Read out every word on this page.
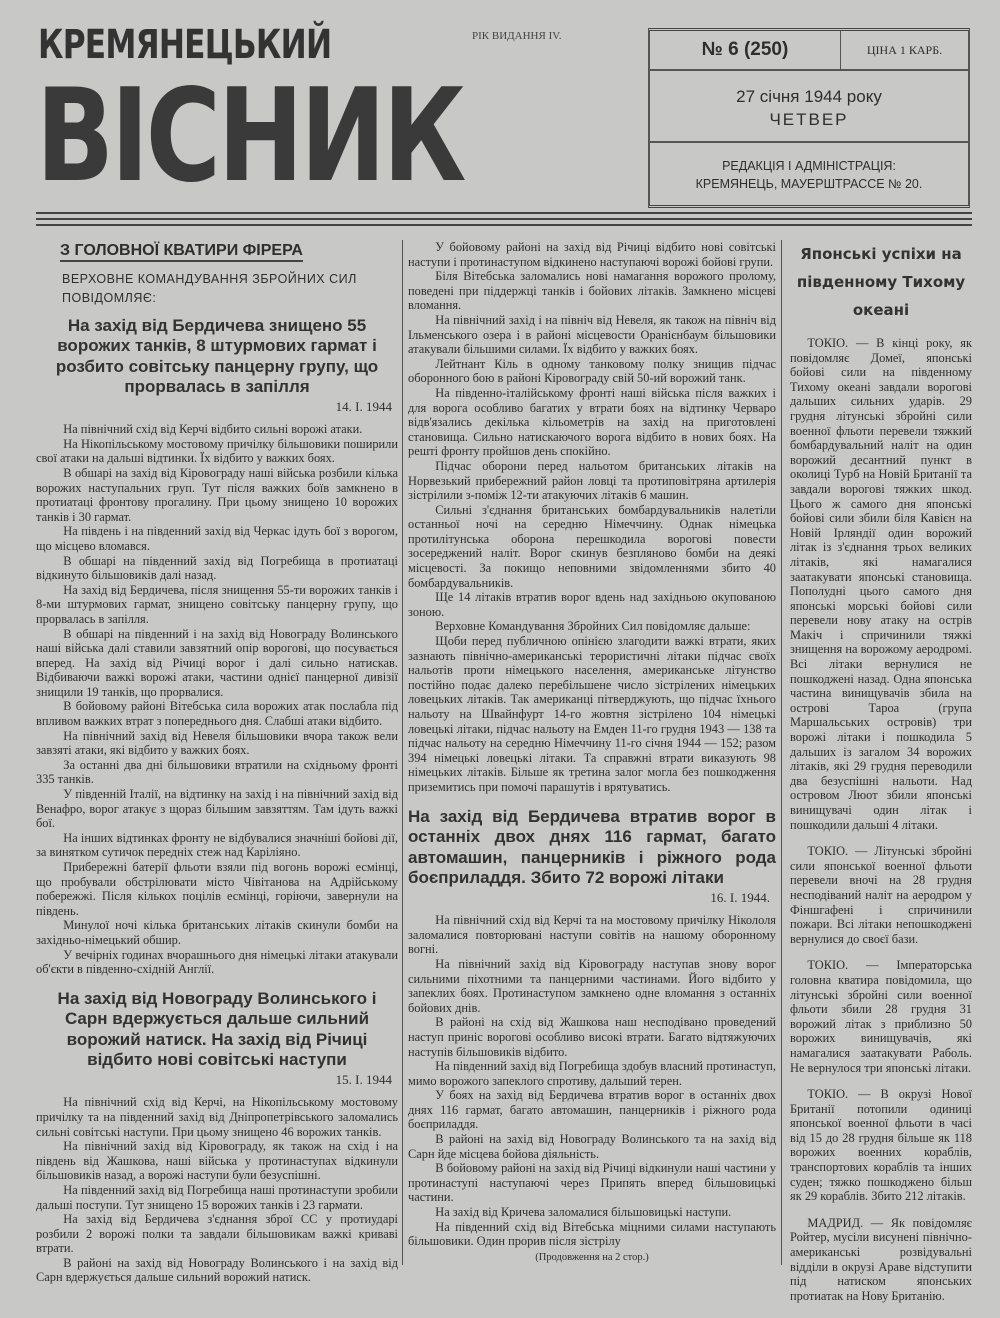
КРЕМЯНЕЦЬКИЙ
ВІСНИК
РІК ВИДАННЯ IV.
№ 6 (250)	ЦІНА 1 КАРБ.
27 січня 1944 року
ЧЕТВЕР
РЕДАКЦІЯ І АДМІНІСТРАЦІЯ:
КРЕМЯНЕЦЬ, МАУЕРШТРАССЕ № 20.
З ГОЛОВНОЇ КВАТИРИ ФІРЕРА
ВЕРХОВНЕ КОМАНДУВАННЯ ЗБРОЙНИХ СИЛ ПОВІДОМЛЯЄ:
На захід від Бердичева знищено 55 ворожих танків, 8 штурмових гармат і розбито совітську панцерну групу, що прорвалась в запілля
14. I. 1944

На північний схід від Керчі відбито сильні ворожі атаки.

На Нікопільському мостовому причілку більшовики поширили свої атаки на дальші відтинки. Їх відбито у важких боях.

В обшарі на захід від Кіровограду наші війська розбили кілька ворожих наступальних груп. Тут після важких боїв замкнено в протиатаці фронтову прогалину. При цьому знищено 10 ворожих танків і 30 гармат.

На південь і на південний захід від Черкас ідуть бої з ворогом, що місцево вломався.

В обшарі на південний захід від Погребища в протиатаці відкинуто більшовиків далі назад.

На захід від Бердичева, після знищення 55-ти ворожих танків і 8-ми штурмових гармат, знищено совітську панцерну групу, що прорвалась в запілля.

В обшарі на південний і на захід від Новограду Волинського наші війська далі ставили завзятний опір ворогові, що посувається вперед. На захід від Річиці ворог і далі сильно натискав. Відбиваючи важкі ворожі атаки, частини однієї панцерної дивізії знищили 19 танків, що прорвалися.

В бойовому районі Вітебська сила ворожих атак послабла під впливом важких втрат з попереднього дня. Слабші атаки відбито.

На північний захід від Невеля більшовики вчора також вели завзяті атаки, які відбито у важких боях.

За останні два дні більшовики втратили на східньому фронті 335 танків.

У південній Італії, на відтинку на захід і на північний захід від Венафро, ворог атакує з щораз більшим завзяттям. Там ідуть важкі бої.

На інших відтинках фронту не відбувалися значніші бойові дії, за винятком сутичок передніх стеж над Каріліяно.

Прибережні батерії фльоти взяли під вогонь ворожі есмінці, що пробували обстрілювати місто Чівітанова на Адрійському побережжі. Після кількох поцілів есмінці, горіючи, завернули на південь.

Минулої ночі кілька британських літаків скинули бомби на західньо-німецький обшир.

У вечірніх годинах вчорашнього дня німецькі літаки атакували об'єкти в південно-східній Англії.

На захід від Новограду Волинського і Сарн вдержується дальше сильний ворожий натиск. На захід від Річиці відбито нові совітські наступи
15. I. 1944

На північний схід від Керчі, на Нікопільському мостовому причілку та на південний захід від Дніпропетрівського заломались сильні совітські наступи. При цьому знищено 46 ворожих танків.

На північний захід від Кіровограду, як також на схід і на південь від Жашкова, наші війська у протинаступах відкинули більшовиків назад, а ворожі наступи були безуспішні.

На південний захід від Погребища наші протинаступи зробили дальші поступи. Тут знищено 15 ворожих танків і 23 гармати.

На захід від Бердичева з'єднання зброї СС у протиударі розбили 2 ворожі полки та завдали більшовикам важкі криваві втрати.

В районі на захід від Новограду Волинського і на захід від Сарн вдержується дальше сильний ворожий натиск.

У бойовому районі на захід від Річиці відбито нові совітські наступи і протинаступом відкинено наступаючі ворожі бойові групи.

Біля Вітебська заломались нові намагання ворожого пролому, поведені при піддержці танків і бойових літаків. Замкнено місцеві вломання.

На північний захід і на північ від Невеля, як також на північ від Ільменського озера і в районі місцевости Оранієнбаум більшовики атакували більшими силами. Їх відбито у важких боях.

Лейтнант Кіль в одному танковому полку знищив підчас оборонного бою в районі Кіровограду свій 50-ий ворожий танк.

На південно-італійському фронті наші війська після важких і для ворога особливо багатих у втрати боях на відтинку Черваро відв'язались декілька кільометрів на захід на приготовлені становища. Сильно натискаючого ворога відбито в нових боях. На решті фронту пройшов день спокійно.

Підчас оборони перед нальотом британських літаків на Норвезький прибережний район ловці та протиповітряна артилерія зістрілили з-поміж 12-ти атакуючих літаків 6 машин.

Сильні з'єднання британських бомбардувальників налетіли останньої ночі на середню Німеччину. Однак німецька протилітунська оборона перешкодила ворогові повести зосереджений наліт. Ворог скинув безпляново бомби на деякі місцевості. За покищо неповними звідомленнями збито 40 бомбардувальників.

Ще 14 літаків втратив ворог вдень над західньою окупованою зоною.

Верховне Командування Збройних Сил повідомляє дальше:

Щоби перед публичною опінією злагодити важкі втрати, яких зазнають північно-американські терористичні літаки підчас своїх нальотів проти німецького населення, американське літунство постійно подає далеко перебільшене число зістрілених німецьких ловецьких літаків. Так американці пітверджують, що підчас їхнього нальоту на Швайнфурт 14-го жовтня зістрілено 104 німецькі ловецькі літаки, підчас нальоту на Емден 11-го грудня 1943 — 138 та підчас нальоту на середню Німеччину 11-го січня 1944 — 152; разом 394 німецькі ловецькі літаки. Та справжні втрати виказують 98 німецьких літаків. Більше як третина залог могла без пошкодження приземитись при помочі парашутів і врятуватись.

На захід від Бердичева втратив ворог в останніх двох днях 116 гармат, багато автомашин, панцерників і ріжного рода боєприладдя. Збито 72 ворожі літаки
16. I. 1944.

На північний схід від Керчі та на мостовому причілку Нікололя заломалися повторювані наступи совітів на нашому оборонному вогні.

На північний захід від Кіровограду наступав знову ворог сильними піхотними та панцерними частинами. Його відбито у запеклих боях. Протинаступом замкнено одне вломання з останніх бойових днів.

В районі на схід від Жашкова наш несподівано проведений наступ приніс ворогові особливо високі втрати. Багато відтяжуючих наступів більшовиків відбито.

На південний захід від Погребища здобув власний протинаступ, мимо ворожого запеклого спротиву, дальший терен.

У боях на захід від Бердичева втратив ворог в останніх двох днях 116 гармат, багато автомашин, панцерників і ріжного рода боєприладдя.

В районі на захід від Новограду Волинського та на захід від Сарн йде місцева бойова діяльність.

В бойовому районі на захід від Річиці відкинули наші частини у протинаступі наступаючі через Припять вперед більшовицькі частини.

На захід від Кричева заломалися більшовицькі наступи.

На південний схід від Вітебська міцними силами наступають більшовики. Один прорив після зістрілу

(Продовження на 2 стор.)
Японські успіхи на південному Тихому океані

ТОКІО. — В кінці року, як повідомляє Домеї, японські бойові сили на південному Тихому океані завдали ворогові дальших сильних ударів. 29 грудня літунські збройні сили военної фльоти перевели тяжкий бомбардувальний наліт на один ворожий десантний пункт в околиці Турб на Новій Британії та завдали ворогові тяжких шкод. Цього ж самого дня японські бойові сили збили біля Кавієн на Новій Ірляндії один ворожий літак із з'єднання трьох великих літаків, які намагалися заатакувати японські становища. Пополудні цього самого дня японські морські бойові сили перевели нову атаку на острів Макіч і спричинили тяжкі знищення на ворожому аеродромі. Всі літаки вернулися не пошкоджені назад. Одна японська частина винищувачів збила на острові Тароа (група Маршальських островів) три ворожі літаки і пошкодила 5 дальших із загалом 34 ворожих літаків, які 29 грудня переводили два безуспішні нальоти. Над островом Люот збили японські винищувачі один літак і пошкодили дальші 4 літаки.

ТОКІО. — Літунські збройні сили японської военної фльоти перевели вночі на 28 грудня несподіваний наліт на аеродром у Фіншгафені і спричинили пожари. Всі літаки непошкоджені вернулися до своєї бази.

ТОКІО. — Імператорська головна кватира повідомила, що літунські збройні сили военної фльоти збили 28 грудня 31 ворожий літак з приблизно 50 ворожих винищувачів, які намагалися заатакувати Раболь. Не вернулося три японські літаки.

ТОКІО. — В окрузі Нової Британії потопили одиниці японської военної фльоти в часі від 15 до 28 грудня більше як 118 ворожих военних кораблів, транспортових кораблів та інших суден; тяжко пошкоджено більш як 29 кораблів. Збито 212 літаків.

МАДРИД. — Як повідомляє Ройтер, мусіли висунені північно-американські розвідувальні відділи в окрузі Араве відступити під натиском японських протиатак на Нову Британію.
